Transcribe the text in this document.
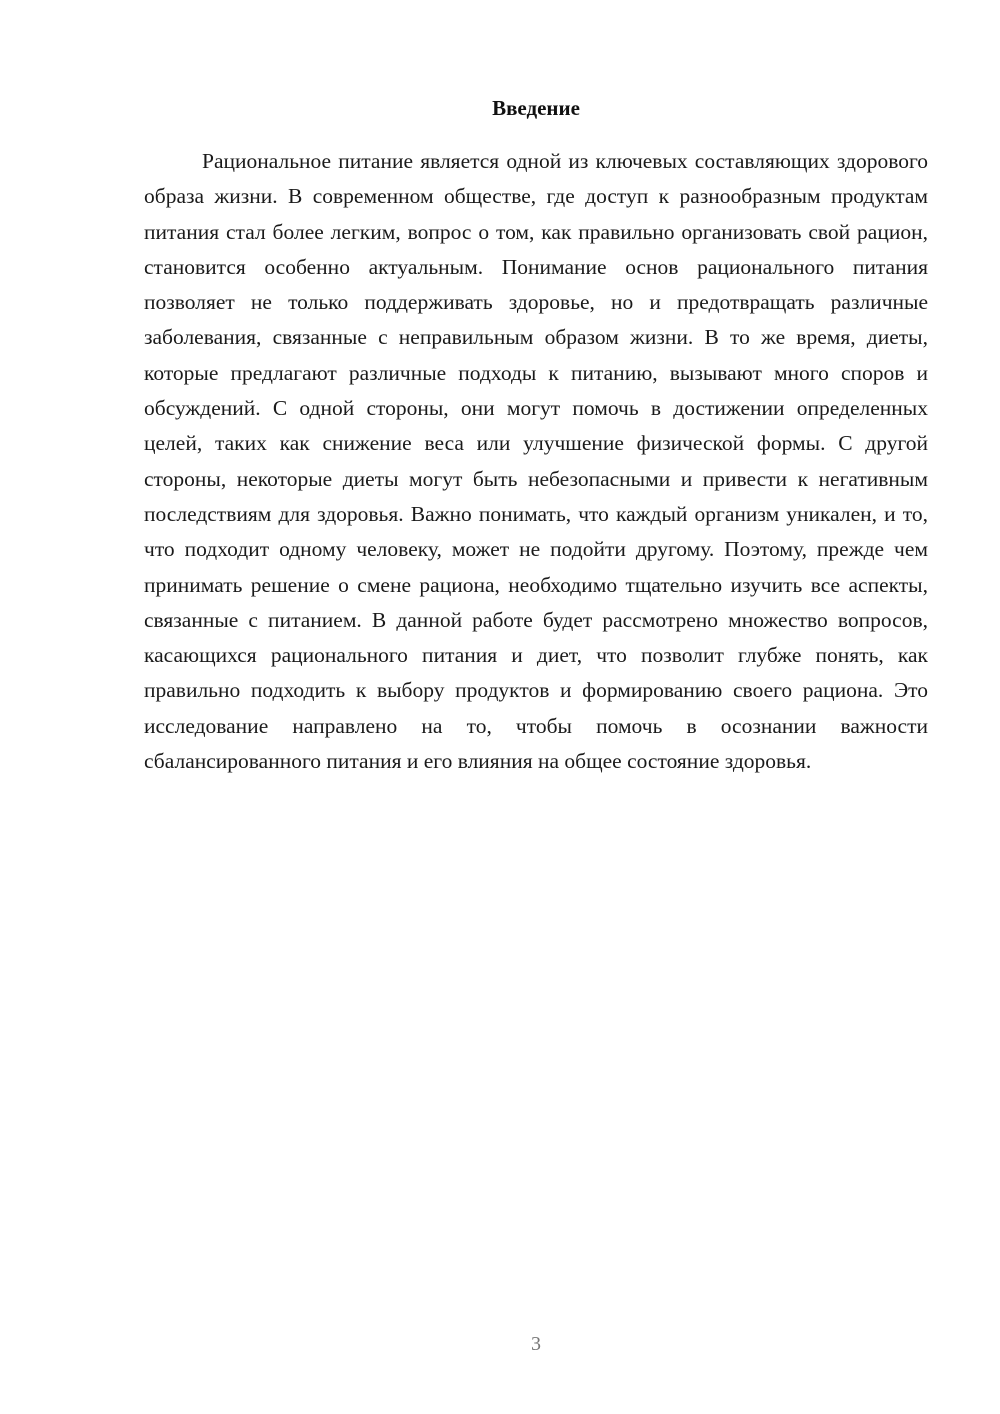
Введение

Рациональное питание является одной из ключевых составляющих здорового образа жизни. В современном обществе, где доступ к разнообразным продуктам питания стал более легким, вопрос о том, как правильно организовать свой рацион, становится особенно актуальным. Понимание основ рационального питания позволяет не только поддерживать здоровье, но и предотвращать различные заболевания, связанные с неправильным образом жизни. В то же время, диеты, которые предлагают различные подходы к питанию, вызывают много споров и обсуждений. С одной стороны, они могут помочь в достижении определенных целей, таких как снижение веса или улучшение физической формы. С другой стороны, некоторые диеты могут быть небезопасными и привести к негативным последствиям для здоровья. Важно понимать, что каждый организм уникален, и то, что подходит одному человеку, может не подойти другому. Поэтому, прежде чем принимать решение о смене рациона, необходимо тщательно изучить все аспекты, связанные с питанием. В данной работе будет рассмотрено множество вопросов, касающихся рационального питания и диет, что позволит глубже понять, как правильно подходить к выбору продуктов и формированию своего рациона. Это исследование направлено на то, чтобы помочь в осознании важности сбалансированного питания и его влияния на общее состояние здоровья.

3
